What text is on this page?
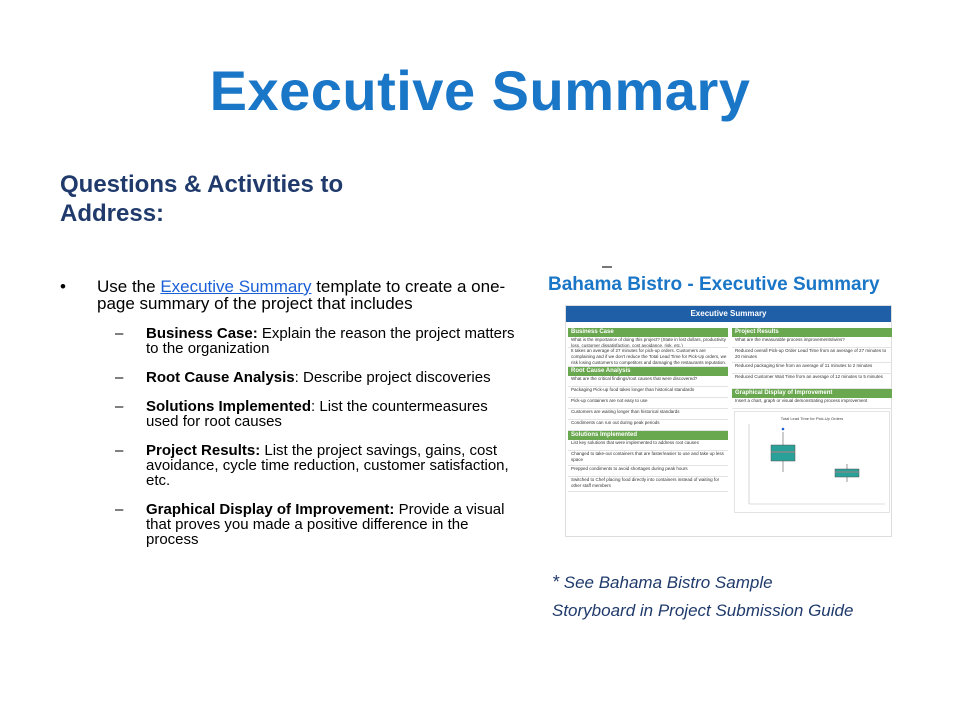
Executive Summary
Questions & Activities to Address:
• Use the Executive Summary template to create a one-page summary of the project that includes
– Business Case: Explain the reason the project matters to the organization
– Root Cause Analysis: Describe project discoveries
– Solutions Implemented: List the countermeasures used for root causes
– Project Results: List the project savings, gains, cost avoidance, cycle time reduction, customer satisfaction, etc.
– Graphical Display of Improvement: Provide a visual that proves you made a positive difference in the process
Bahama Bistro - Executive Summary
Executive Summary
Business Case
What is the importance of doing this project? (State in lost dollars, productivity loss, customer dissatisfaction, cost avoidance, risk, etc.)
It takes an average of 27 minutes for pick-up orders. Customers are complaining and if we don't reduce the Total Lead Time for Pick-Up orders, we risk losing customers to competitors and damaging the restaurants reputation.
Root Cause Analysis
What are the critical findings/root causes that were discovered?
Packaging Pick-up food takes longer than historical standards
Pick-up containers are not easy to use
Customers are waiting longer than historical standards
Condiments can run out during peak periods
Solutions Implemented
List key solutions that were implemented to address root causes
Changed to take-out containers that are faster/easier to use and take up less space
Prepped condiments to avoid shortages during peak hours
Switched to Chef placing food directly into containers instead of waiting for other staff members
Project Results
What are the measurable process improvements/wins?
Reduced overall Pick-up Order Lead Time from an average of 27 minutes to 20 minutes
Reduced packaging time from an average of 11 minutes to 2 minutes
Reduced Customer Wait Time from an average of 12 minutes to 5 minutes
Graphical Display of Improvement
Insert a chart, graph or visual demonstrating process improvement
Total Lead Time for Pick-Up Orders
* See Bahama Bistro Sample
Storyboard in Project Submission Guide
